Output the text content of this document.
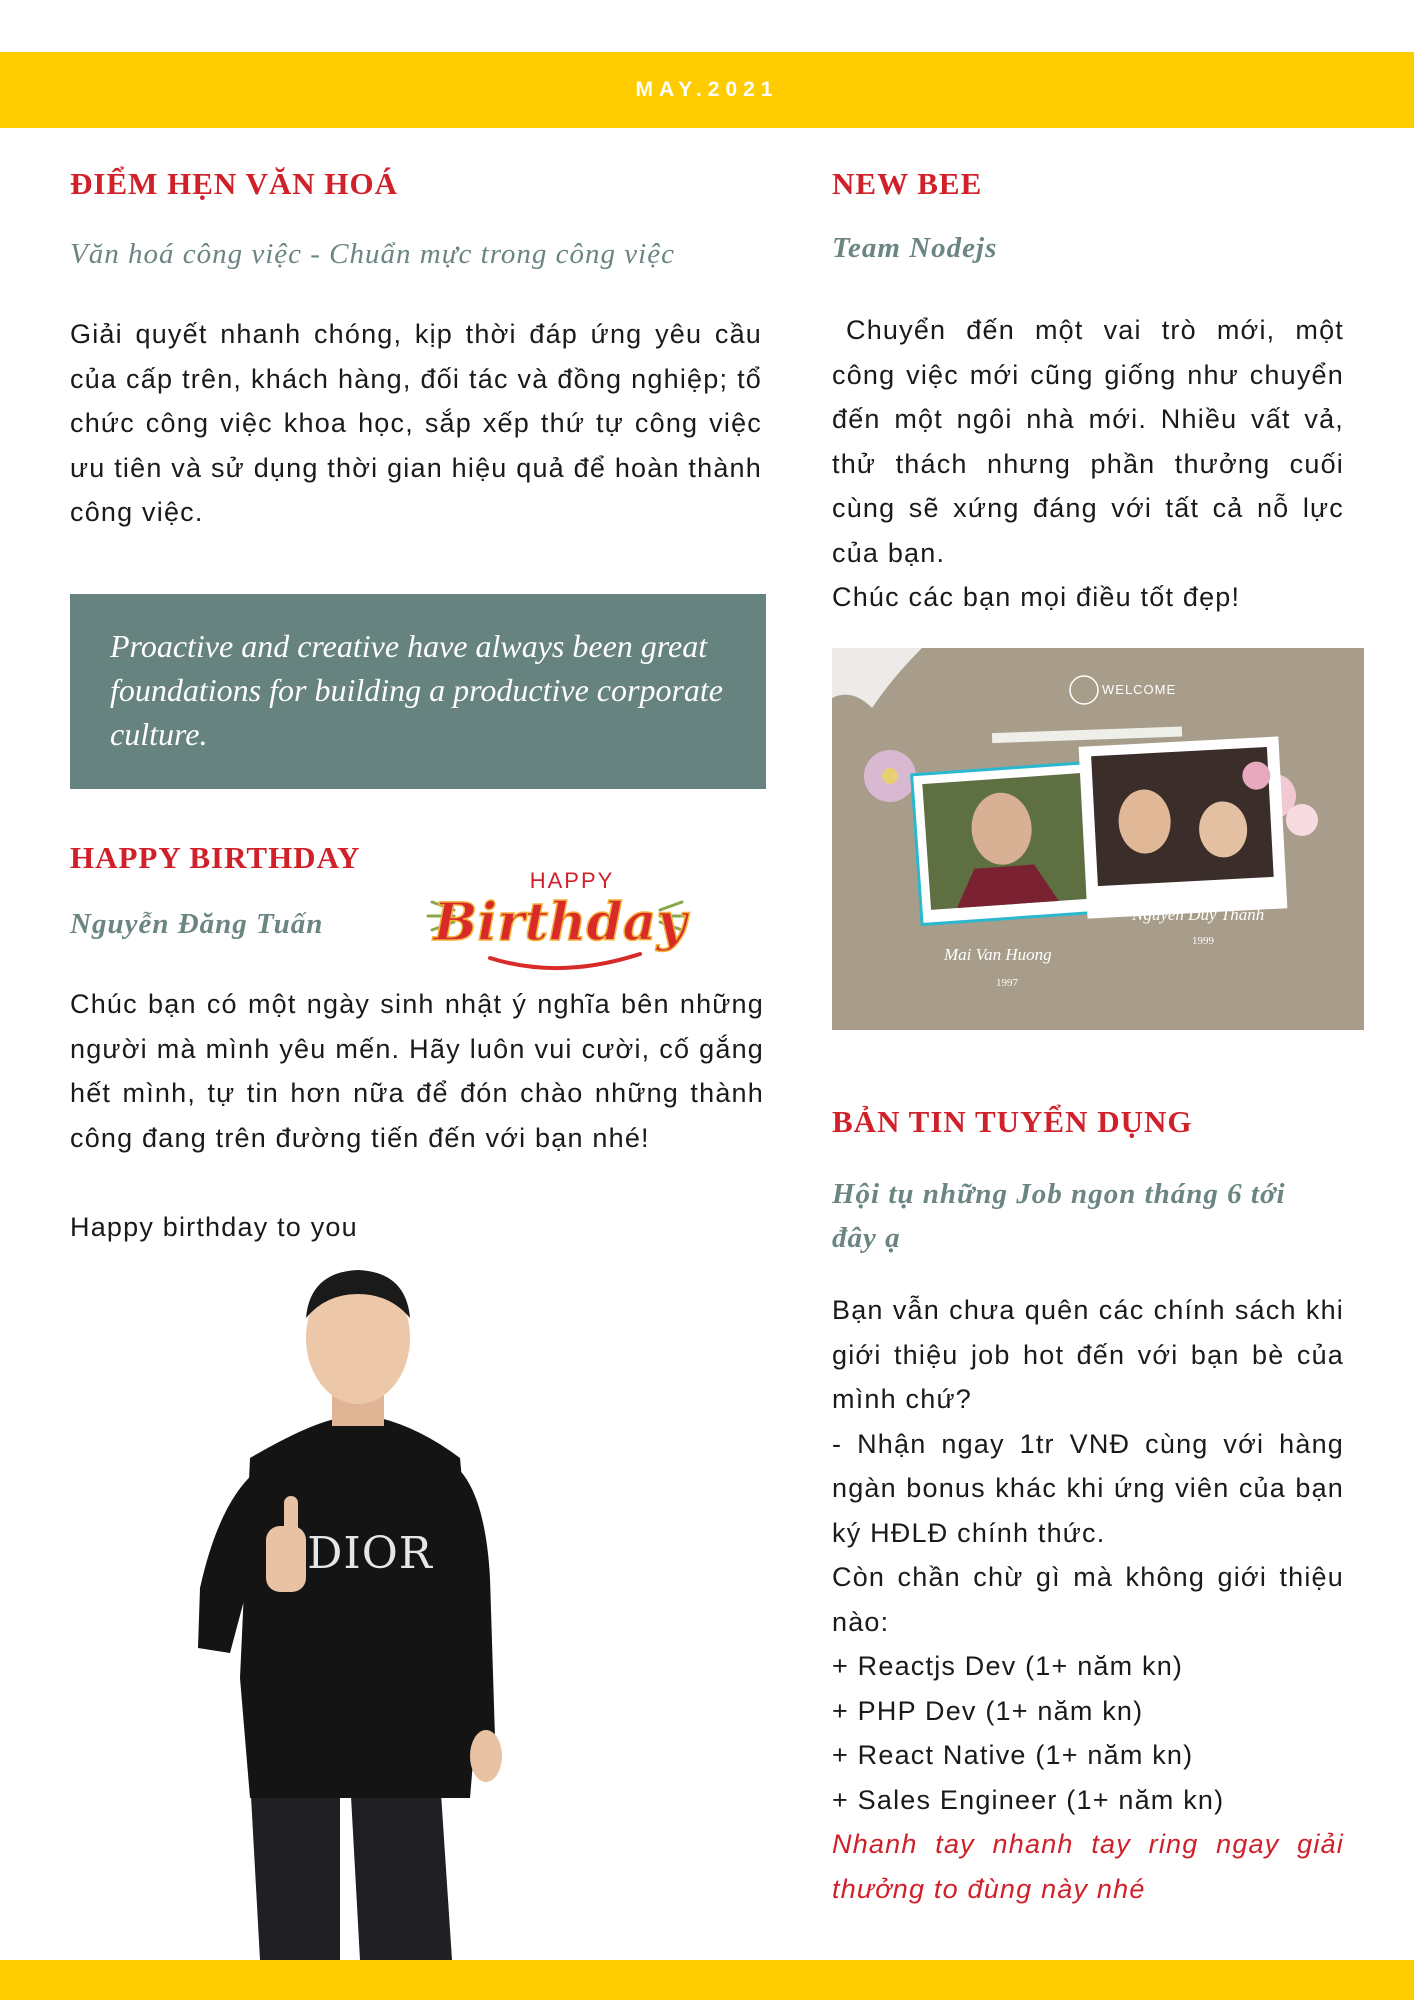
MAY.2021
ĐIỂM HẸN VĂN HOÁ

Văn hoá công việc - Chuẩn mực trong công việc

Giải quyết nhanh chóng, kịp thời đáp ứng yêu cầu của cấp trên, khách hàng, đối tác và đồng nghiệp; tổ chức công việc khoa học, sắp xếp thứ tự công việc ưu tiên và sử dụng thời gian hiệu quả để hoàn thành công việc.

Proactive and creative have always been great foundations for building a productive corporate culture.

HAPPY BIRTHDAY

Nguyễn Đăng Tuấn

HAPPY
Birthday

Chúc bạn có một ngày sinh nhật ý nghĩa bên những người mà mình yêu mến. Hãy luôn vui cười, cố gắng hết mình, tự tin hơn nữa để đón chào những thành công đang trên đường tiến đến với bạn nhé!

Happy birthday to you

DIOR
NEW BEE

Team Nodejs

Chuyển đến một vai trò mới, một công việc mới cũng giống như chuyển đến một ngôi nhà mới. Nhiều vất vả, thử thách nhưng phần thưởng cuối cùng sẽ xứng đáng với tất cả nỗ lực của bạn.

Chúc các bạn mọi điều tốt đẹp!

WELCOME
Nguyen Duy Thanh
1999
Mai Van Huong
1997
BẢN TIN TUYỂN DỤNG

Hội tụ những Job ngon tháng 6 tới
đây ạ

Bạn vẫn chưa quên các chính sách khi giới thiệu job hot đến với bạn bè của mình chứ?
- Nhận ngay 1tr VNĐ cùng với hàng ngàn bonus khác khi ứng viên của bạn ký HĐLĐ chính thức.
Còn chần chừ gì mà không giới thiệu nào:
+ Reactjs Dev (1+ năm kn)
+ PHP Dev (1+ năm kn)
+ React Native (1+ năm kn)
+ Sales Engineer (1+ năm kn)
Nhanh tay nhanh tay ring ngay giải thưởng to đùng này nhé
